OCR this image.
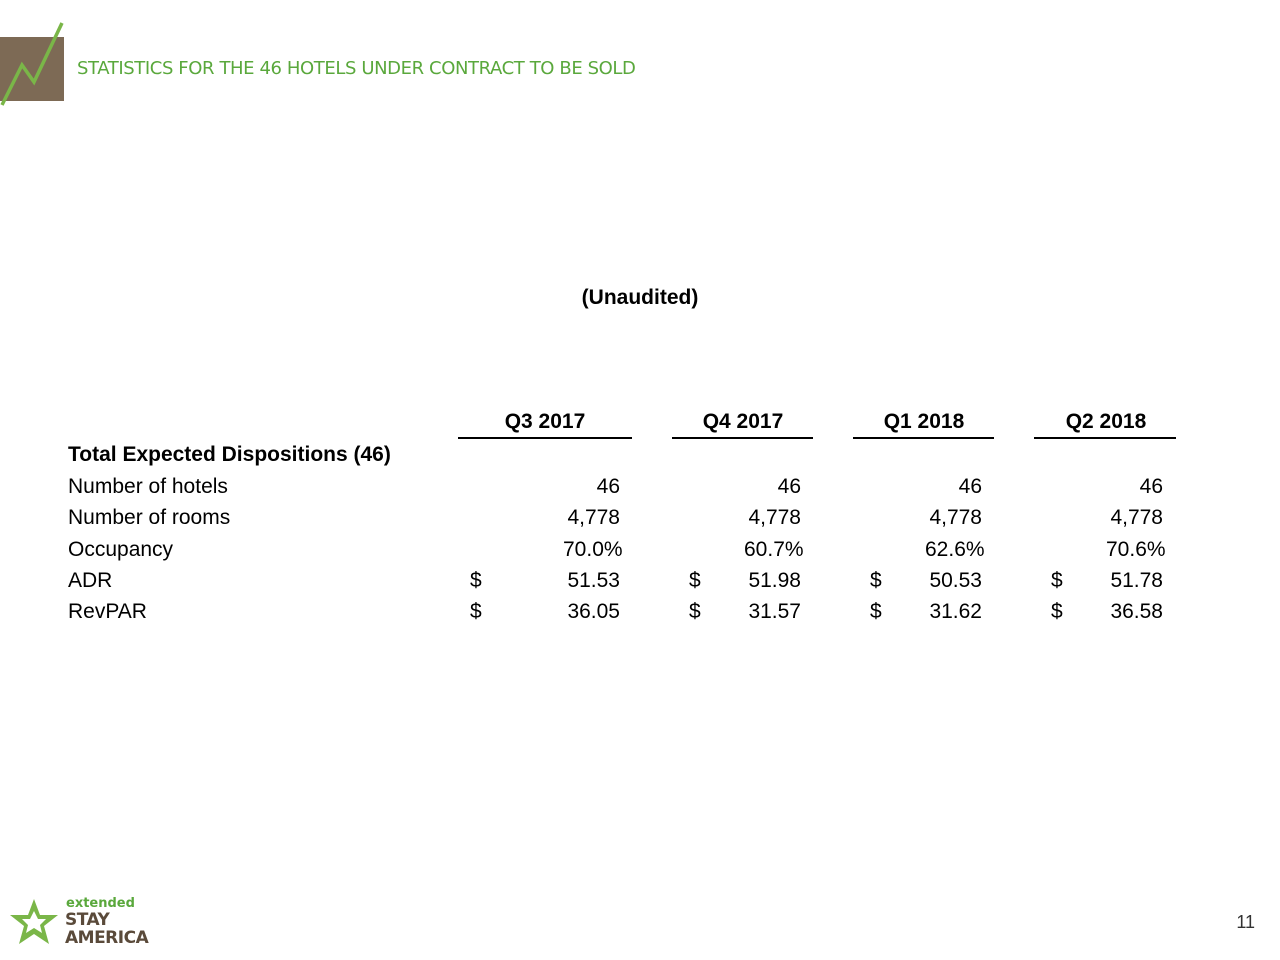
STATISTICS FOR THE 46 HOTELS UNDER CONTRACT TO BE SOLD
(Unaudited)
Q3 2017	Q4 2017	Q1 2018	Q2 2018
Total Expected Dispositions (46)
Number of hotels	46	46	46	46
Number of rooms	4,778	4,778	4,778	4,778
Occupancy	70.0%	60.7%	62.6%	70.6%
ADR	$	51.53	$	51.98	$	50.53	$	51.78
RevPAR	$	36.05	$	31.57	$	31.62	$	36.58
extended
STAY
AMERICA
11
